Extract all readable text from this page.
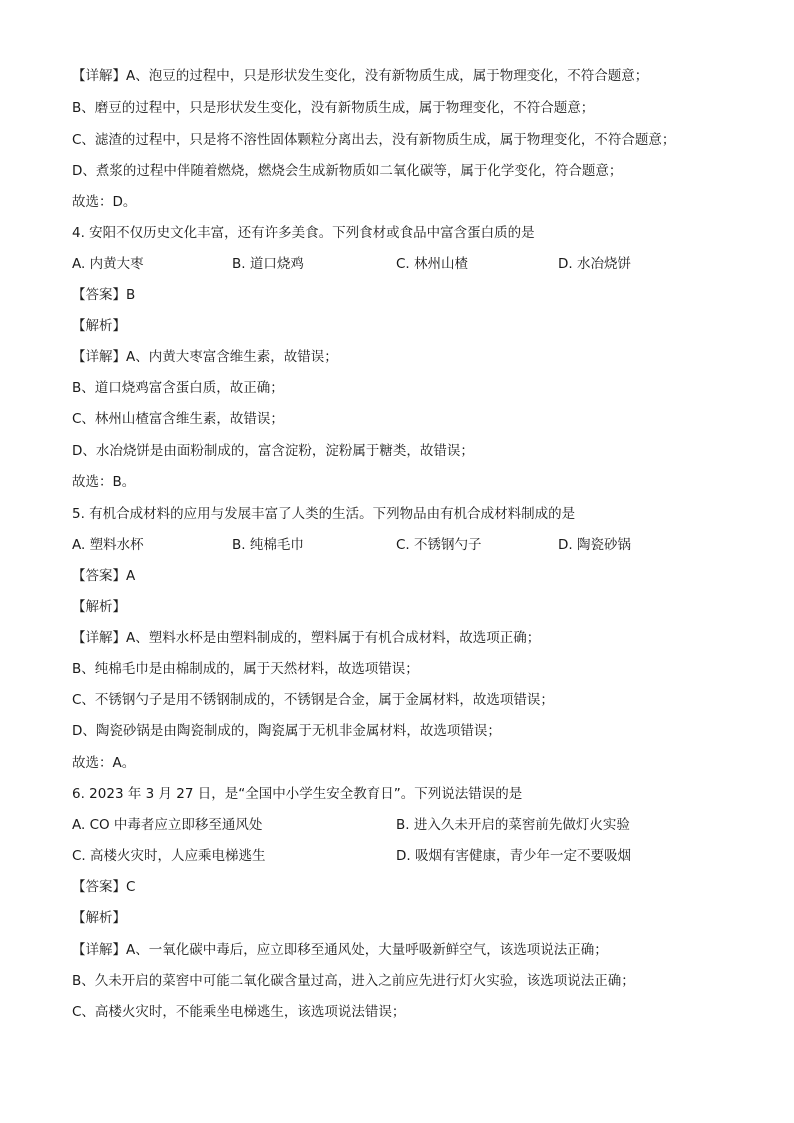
【详解】A、泡豆的过程中，只是形状发生变化，没有新物质生成，属于物理变化，不符合题意；
B、磨豆的过程中，只是形状发生变化，没有新物质生成，属于物理变化，不符合题意；
C、滤渣的过程中，只是将不溶性固体颗粒分离出去，没有新物质生成，属于物理变化，不符合题意；
D、煮浆的过程中伴随着燃烧，燃烧会生成新物质如二氧化碳等，属于化学变化，符合题意；
故选：D。
4. 安阳不仅历史文化丰富，还有许多美食。下列食材或食品中富含蛋白质的是
A. 内黄大枣	B. 道口烧鸡	C. 林州山楂	D. 水冶烧饼
【答案】B
【解析】
【详解】A、内黄大枣富含维生素，故错误；
B、道口烧鸡富含蛋白质，故正确；
C、林州山楂富含维生素，故错误；
D、水冶烧饼是由面粉制成的，富含淀粉，淀粉属于糖类，故错误；
故选：B。
5. 有机合成材料的应用与发展丰富了人类的生活。下列物品由有机合成材料制成的是
A. 塑料水杯	B. 纯棉毛巾	C. 不锈钢勺子	D. 陶瓷砂锅
【答案】A
【解析】
【详解】A、塑料水杯是由塑料制成的，塑料属于有机合成材料，故选项正确；
B、纯棉毛巾是由棉制成的，属于天然材料，故选项错误；
C、不锈钢勺子是用不锈钢制成的，不锈钢是合金，属于金属材料，故选项错误；
D、陶瓷砂锅是由陶瓷制成的，陶瓷属于无机非金属材料，故选项错误；
故选：A。
6. 2023 年 3 月 27 日，是“全国中小学生安全教育日”。下列说法错误的是
A. CO 中毒者应立即移至通风处	B. 进入久未开启的菜窖前先做灯火实验
C. 高楼火灾时，人应乘电梯逃生	D. 吸烟有害健康，青少年一定不要吸烟
【答案】C
【解析】
【详解】A、一氧化碳中毒后，应立即移至通风处，大量呼吸新鲜空气，该选项说法正确；
B、久未开启的菜窖中可能二氧化碳含量过高，进入之前应先进行灯火实验，该选项说法正确；
C、高楼火灾时，不能乘坐电梯逃生，该选项说法错误；
